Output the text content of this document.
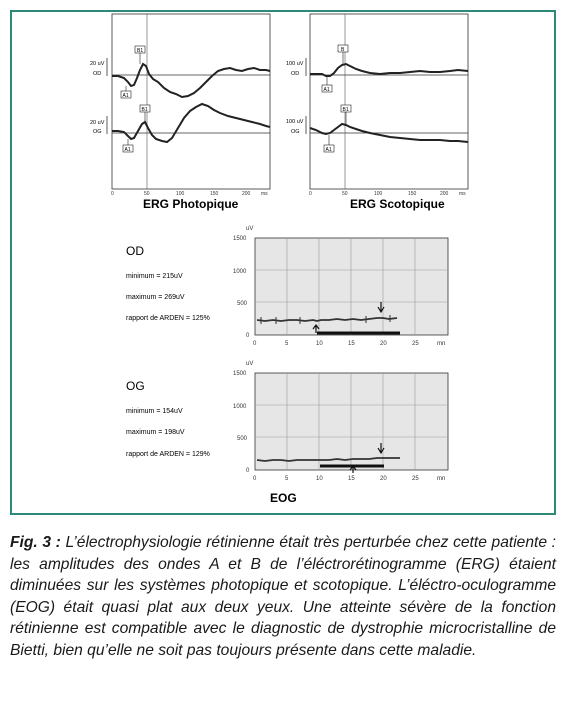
20 uV
OD
20 uV
OG
B1
A1
B1
A1
0	50	100	150	200 ms
ERG Photopique
100 uV
OD
100 uV
OG
B
A1
B1
A1
0	50	100	150	200 ms
ERG Scotopique
OD
minimum = 215uV
maximum = 269uV
rapport de ARDEN = 125%
uV
1500
1000
500
0
0	5	10	15	20	25	mn
OG
minimum = 154uV
maximum = 198uV
rapport de ARDEN = 129%
uV
1500
1000
500
0
0	5	10	15	20	25	mn
EOG
Fig. 3 : L’électrophysiologie rétinienne était très perturbée chez cette patiente : les amplitudes des ondes A et B de l’éléctrorétinogramme (ERG) étaient diminuées sur les systèmes photopique et scotopique. L’éléctro-oculogramme (EOG) était quasi plat aux deux yeux. Une atteinte sévère de la fonction rétinienne est compatible avec le diagnostic de dystrophie microcristalline de Bietti, bien qu’elle ne soit pas toujours présente dans cette maladie.
